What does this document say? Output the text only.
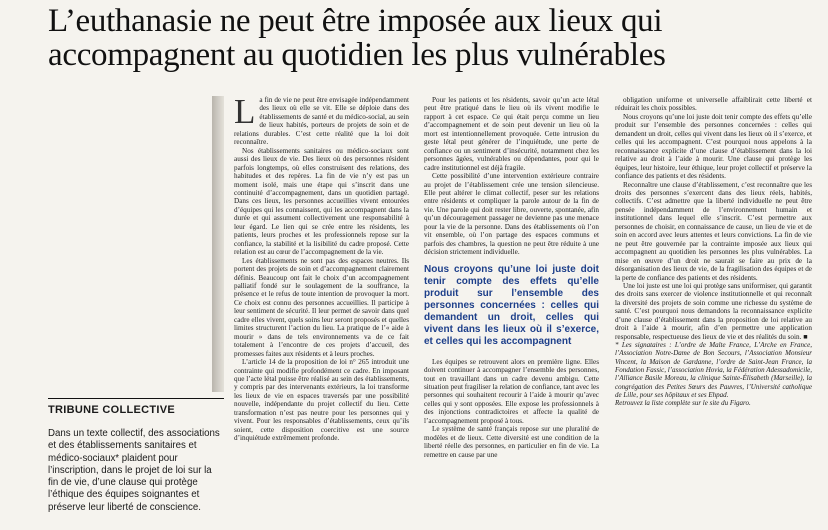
L’euthanasie ne peut être imposée aux lieux qui accompagnent au quotidien les plus vulnérables
TRIBUNE COLLECTIVE

Dans un texte collectif, des associations et des établissements sanitaires et médico-sociaux* plaident pour l’inscription, dans le projet de loi sur la fin de vie, d’une clause qui protège l’éthique des équipes soignantes et préserve leur liberté de conscience.

La fin de vie ne peut être envisagée indépendamment des lieux où elle se vit. Elle se déploie dans des établissements de santé et du médico-social, au sein de lieux habités, porteurs de projets de soin et de relations durables. C’est cette réalité que la loi doit reconnaître.

Nos établissements sanitaires ou médico-sociaux sont aussi des lieux de vie. Des lieux où des personnes résident parfois longtemps, où elles construisent des relations, des habitudes et des repères. La fin de vie n’y est pas un moment isolé, mais une étape qui s’inscrit dans une continuité d’accompagnement, dans un quotidien partagé. Dans ces lieux, les personnes accueillies vivent entourées d’équipes qui les connaissent, qui les accompagnent dans la durée et qui assument collectivement une responsabilité à leur égard. Le lien qui se crée entre les résidents, les patients, leurs proches et les professionnels repose sur la confiance, la stabilité et la lisibilité du cadre proposé. Cette relation est au cœur de l’accompagnement de la vie.

Les établissements ne sont pas des espaces neutres. Ils portent des projets de soin et d’accompagnement clairement définis. Beaucoup ont fait le choix d’un accompagnement palliatif fondé sur le soulagement de la souffrance, la présence et le refus de toute intention de provoquer la mort. Ce choix est connu des personnes accueillies. Il participe à leur sentiment de sécurité. Il leur permet de savoir dans quel cadre elles vivent, quels soins leur seront proposés et quelles limites structurent l’action du lieu. La pratique de l’« aide à mourir » dans de tels environnements va de ce fait totalement à l’encontre de ces projets d’accueil, des promesses faites aux résidents et à leurs proches.

L’article 14 de la proposition de loi n° 265 introduit une contrainte qui modifie profondément ce cadre. En imposant que l’acte létal puisse être réalisé au sein des établissements, y compris par des intervenants extérieurs, la loi transforme les lieux de vie en espaces traversés par une possibilité nouvelle, indépendante du projet collectif du lieu. Cette transformation n’est pas neutre pour les personnes qui y vivent. Pour les responsables d’établissements, ceux qu’ils soient, cette disposition coercitive est une source d’inquiétude extrêmement profonde.

Pour les patients et les résidents, savoir qu’un acte létal peut être pratiqué dans le lieu où ils vivent modifie le rapport à cet espace. Ce qui était perçu comme un lieu d’accompagnement et de soin peut devenir un lieu où la mort est intentionnellement provoquée. Cette intrusion du geste létal peut générer de l’inquiétude, une perte de confiance ou un sentiment d’insécurité, notamment chez les personnes âgées, vulnérables ou dépendantes, pour qui le cadre institutionnel est déjà fragile.

Cette possibilité d’une intervention extérieure contraire au projet de l’établissement crée une tension silencieuse. Elle peut altérer le climat collectif, peser sur les relations entre résidents et compliquer la parole autour de la fin de vie. Une parole qui doit rester libre, ouverte, spontanée, afin qu’un découragement passager ne devienne pas une menace pour la vie de la personne. Dans des établissements où l’on vit ensemble, où l’on partage des espaces communs et parfois des chambres, la question ne peut être réduite à une décision strictement individuelle.

Nous croyons qu’une loi juste doit tenir compte des effets qu’elle produit sur l’ensemble des personnes concernées : celles qui demandent un droit, celles qui vivent dans les lieux où il s’exerce, et celles qui les accompagnent

Les équipes se retrouvent alors en première ligne. Elles doivent continuer à accompagner l’ensemble des personnes, tout en travaillant dans un cadre devenu ambigu. Cette situation peut fragiliser la relation de confiance, tant avec les personnes qui souhaitent recourir à l’aide à mourir qu’avec celles qui y sont opposées. Elle expose les professionnels à des injonctions contradictoires et affecte la qualité de l’accompagnement proposé à tous.

Le système de santé français repose sur une pluralité de modèles et de lieux. Cette diversité est une condition de la liberté réelle des personnes, en particulier en fin de vie. La remettre en cause par une

obligation uniforme et universelle affaiblirait cette liberté et réduirait les choix possibles.

Nous croyons qu’une loi juste doit tenir compte des effets qu’elle produit sur l’ensemble des personnes concernées : celles qui demandent un droit, celles qui vivent dans les lieux où il s’exerce, et celles qui les accompagnent. C’est pourquoi nous appelons à la reconnaissance explicite d’une clause d’établissement dans la loi relative au droit à l’aide à mourir. Une clause qui protège les équipes, leur histoire, leur éthique, leur projet collectif et préserve la confiance des patients et des résidents.

Reconnaître une clause d’établissement, c’est reconnaître que les droits des personnes s’exercent dans des lieux réels, habités, collectifs. C’est admettre que la liberté individuelle ne peut être pensée indépendamment de l’environnement humain et institutionnel dans lequel elle s’inscrit. C’est permettre aux personnes de choisir, en connaissance de cause, un lieu de vie et de soin en accord avec leurs attentes et leurs convictions. La fin de vie ne peut être gouvernée par la contrainte imposée aux lieux qui accompagnent au quotidien les personnes les plus vulnérables. La mise en œuvre d’un droit ne saurait se faire au prix de la désorganisation des lieux de vie, de la fragilisation des équipes et de la perte de confiance des patients et des résidents.

Une loi juste est une loi qui protège sans uniformiser, qui garantit des droits sans exercer de violence institutionnelle et qui reconnaît la diversité des projets de soin comme une richesse du système de santé. C’est pourquoi nous demandons la reconnaissance explicite d’une clause d’établissement dans la proposition de loi relative au droit à l’aide à mourir, afin d’en permettre une application responsable, respectueuse des lieux de vie et des réalités du soin. ■

* Les signataires : L’ordre de Malte France, L’Arche en France, l’Association Notre‑Dame de Bon Secours, l’Association Monsieur Vincent, la Maison de Gardanne, l’ordre de Saint‑Jean France, la Fondation Fassic, l’association Hovia, la Fédération Adessadomicile, l’Alliance Basile Moreau, la clinique Sainte‑Élisabeth (Marseille), la congrégation des Petites Sœurs des Pauvres, l’Université catholique de Lille, pour ses hôpitaux et ses Ehpad.

Retrouvez la liste complète sur le site du Figaro.
